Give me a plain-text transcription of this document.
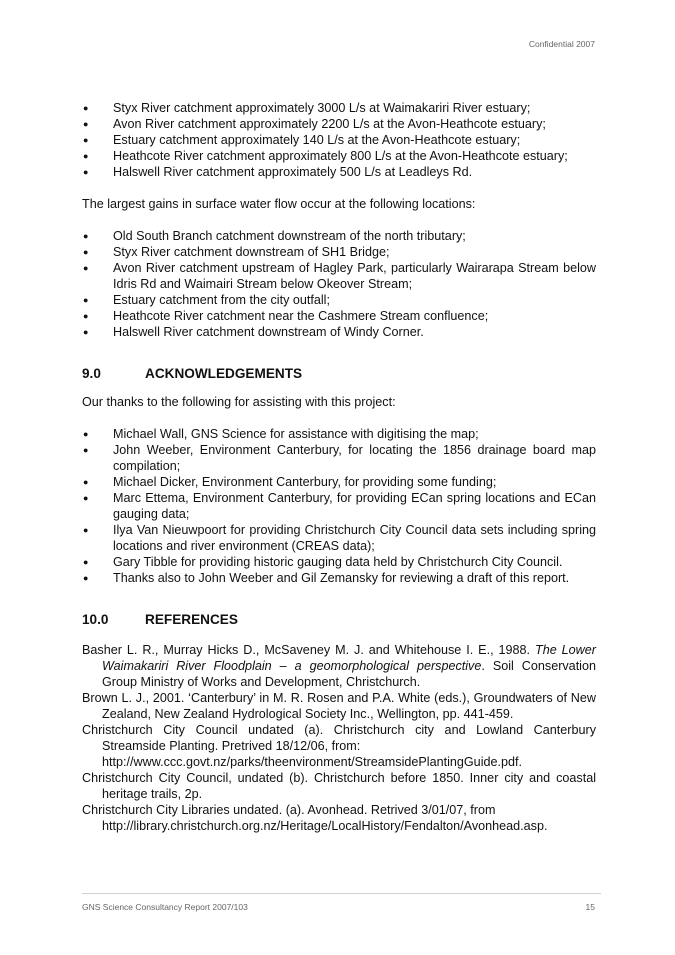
Confidential 2007
● Styx River catchment approximately 3000 L/s at Waimakariri River estuary;
● Avon River catchment approximately 2200 L/s at the Avon-Heathcote estuary;
● Estuary catchment approximately 140 L/s at the Avon-Heathcote estuary;
● Heathcote River catchment approximately 800 L/s at the Avon-Heathcote estuary;
● Halswell River catchment approximately 500 L/s at Leadleys Rd.

The largest gains in surface water flow occur at the following locations:

● Old South Branch catchment downstream of the north tributary;
● Styx River catchment downstream of SH1 Bridge;
● Avon River catchment upstream of Hagley Park, particularly Wairarapa Stream below Idris Rd and Waimairi Stream below Okeover Stream;
● Estuary catchment from the city outfall;
● Heathcote River catchment near the Cashmere Stream confluence;
● Halswell River catchment downstream of Windy Corner.
9.0	ACKNOWLEDGEMENTS

Our thanks to the following for assisting with this project:

● Michael Wall, GNS Science for assistance with digitising the map;
● John Weeber, Environment Canterbury, for locating the 1856 drainage board map compilation;
● Michael Dicker, Environment Canterbury, for providing some funding;
● Marc Ettema, Environment Canterbury, for providing ECan spring locations and ECan gauging data;
● Ilya Van Nieuwpoort for providing Christchurch City Council data sets including spring locations and river environment (CREAS data);
● Gary Tibble for providing historic gauging data held by Christchurch City Council.
● Thanks also to John Weeber and Gil Zemansky for reviewing a draft of this report.
10.0	REFERENCES

Basher L. R., Murray Hicks D., McSaveney M. J. and Whitehouse I. E., 1988. The Lower Waimakariri River Floodplain – a geomorphological perspective. Soil Conservation Group Ministry of Works and Development, Christchurch.

Brown L. J., 2001. ‘Canterbury’ in M. R. Rosen and P.A. White (eds.), Groundwaters of New Zealand, New Zealand Hydrological Society Inc., Wellington, pp. 441-459.

Christchurch City Council undated (a). Christchurch city and Lowland Canterbury Streamside Planting. Pretrived 18/12/06, from:
http://www.ccc.govt.nz/parks/theenvironment/StreamsidePlantingGuide.pdf.

Christchurch City Council, undated (b). Christchurch before 1850. Inner city and coastal heritage trails, 2p.

Christchurch City Libraries undated. (a). Avonhead. Retrived 3/01/07, from
http://library.christchurch.org.nz/Heritage/LocalHistory/Fendalton/Avonhead.asp.

GNS Science Consultancy Report 2007/103	15
